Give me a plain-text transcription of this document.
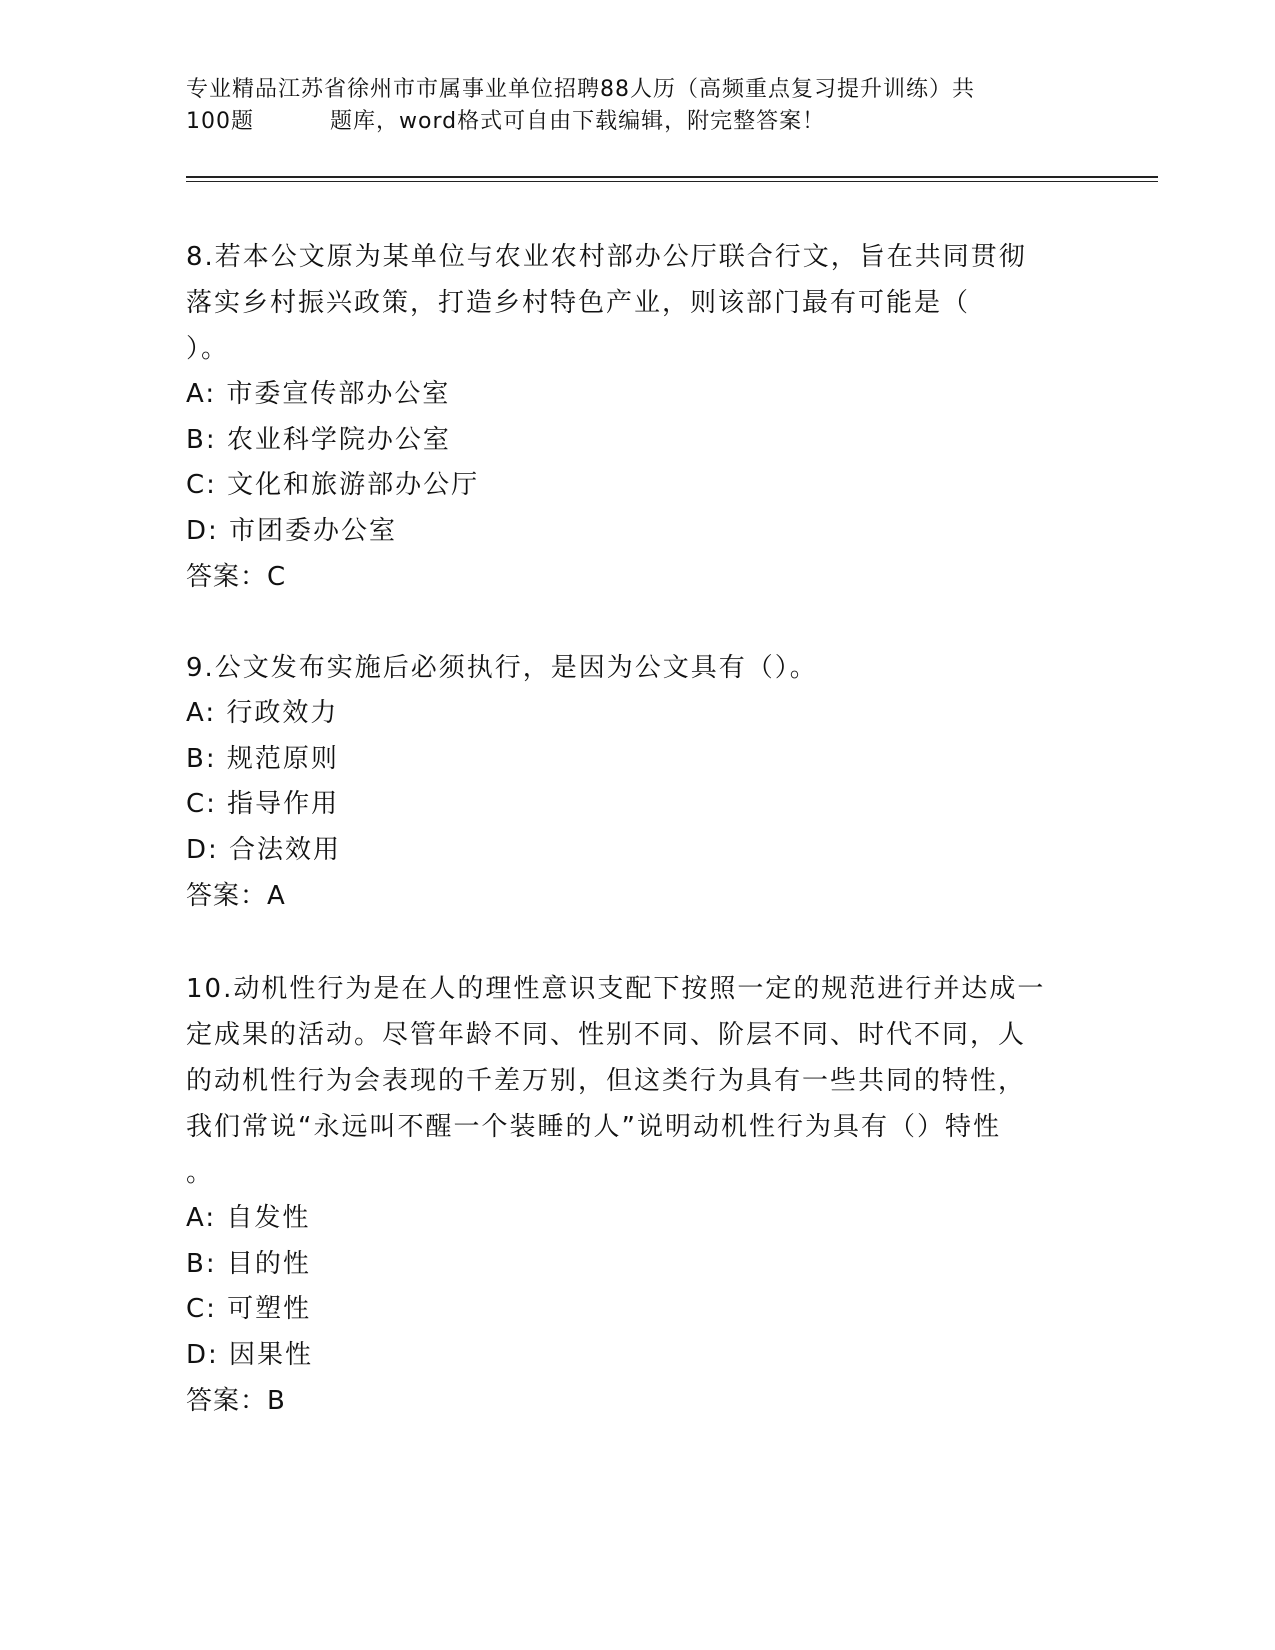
专业精品江苏省徐州市市属事业单位招聘88人历（高频重点复习提升训练）共
100题	题库，word格式可自由下载编辑，附完整答案！

8.若本公文原为某单位与农业农村部办公厅联合行文，旨在共同贯彻

落实乡村振兴政策，打造乡村特色产业，则该部门最有可能是（

）。

A: 市委宣传部办公室

B: 农业科学院办公室

C: 文化和旅游部办公厅

D: 市团委办公室

答案：C

9.公文发布实施后必须执行，是因为公文具有（）。

A: 行政效力

B: 规范原则

C: 指导作用

D: 合法效用

答案：A

10.动机性行为是在人的理性意识支配下按照一定的规范进行并达成一

定成果的活动。尽管年龄不同、性别不同、阶层不同、时代不同，人

的动机性行为会表现的千差万别，但这类行为具有一些共同的特性，

我们常说“永远叫不醒一个装睡的人”说明动机性行为具有（）特性

。

A: 自发性

B: 目的性

C: 可塑性

D: 因果性

答案：B
